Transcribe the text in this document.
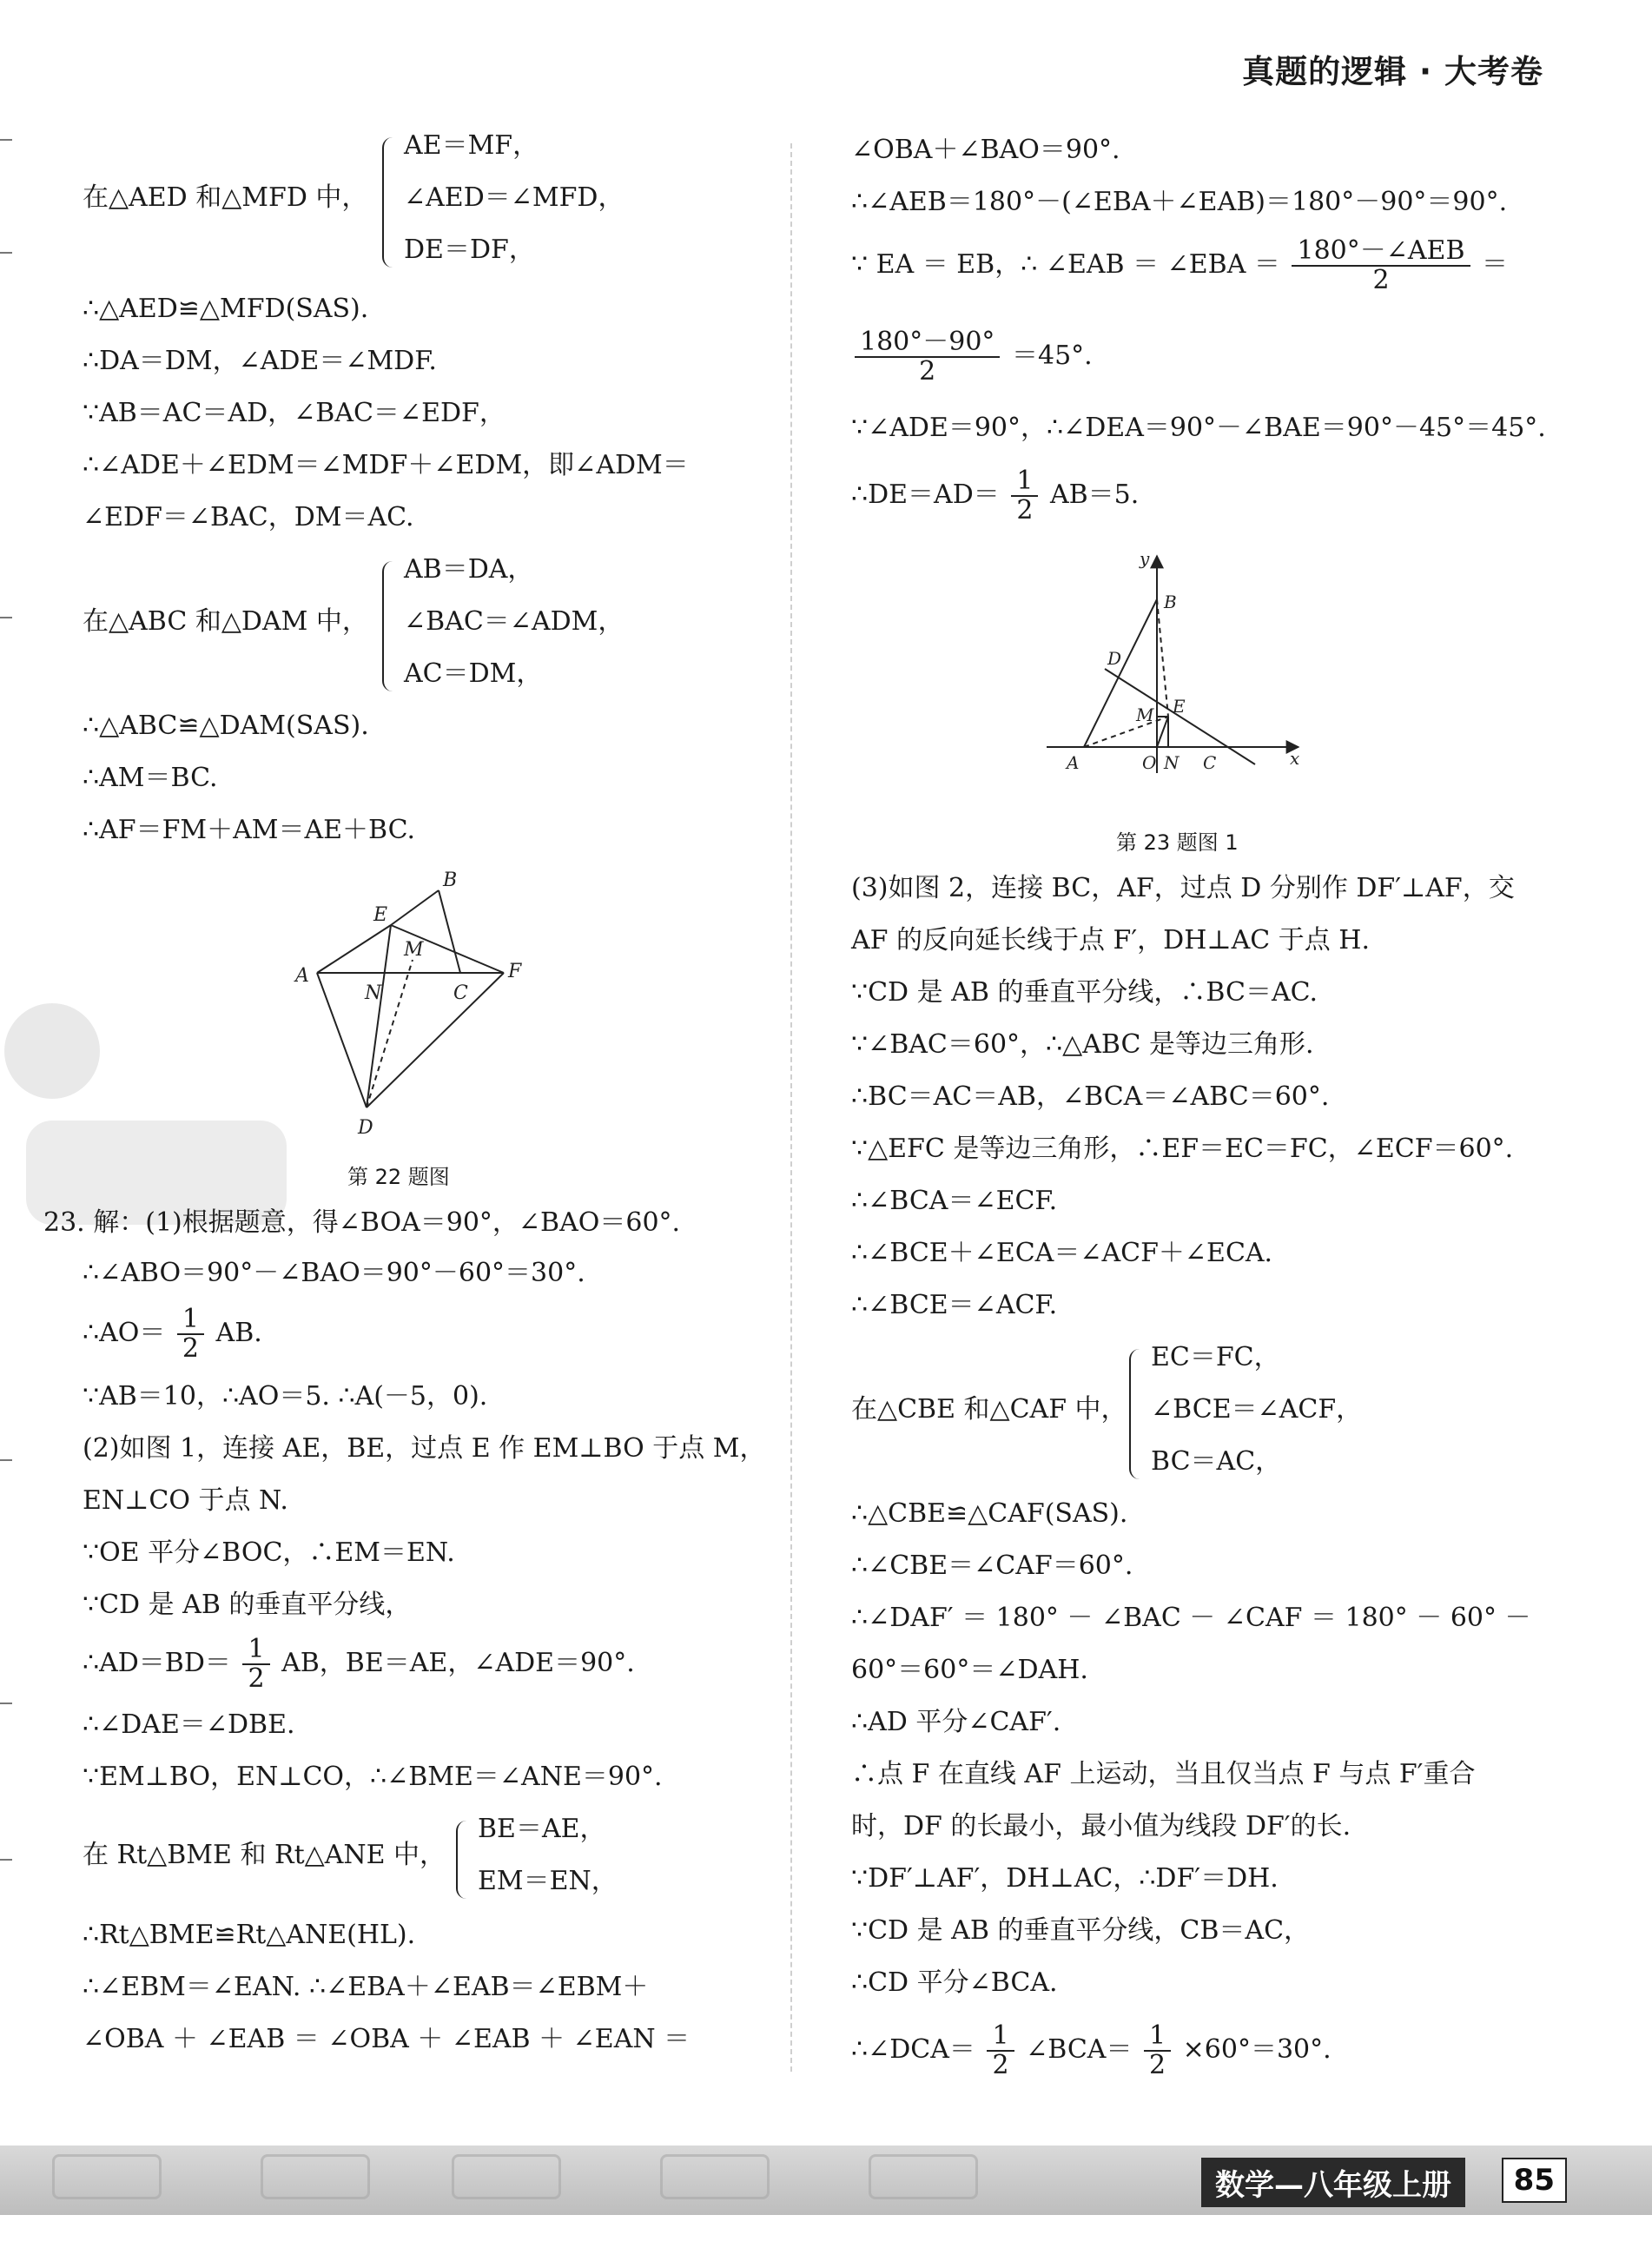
真题的逻辑 · 大考卷
在△AED 和△MFD 中，
AE＝MF，
∠AED＝∠MFD，
DE＝DF，
∴△AED≌△MFD(SAS).
∴DA＝DM，∠ADE＝∠MDF.
∵AB＝AC＝AD，∠BAC＝∠EDF，
∴∠ADE＋∠EDM＝∠MDF＋∠EDM，即∠ADM＝
∠EDF＝∠BAC，DM＝AC.
在△ABC 和△DAM 中，
AB＝DA，
∠BAC＝∠ADM，
AC＝DM，
∴△ABC≌△DAM(SAS).
∴AM＝BC.
∴AF＝FM＋AM＝AE＋BC.
A
B
C
D
E
F
M
N
第 22 题图
23. 解：(1)根据题意，得∠BOA＝90°，∠BAO＝60°.
∴∠ABO＝90°－∠BAO＝90°－60°＝30°.
∴AO＝ $\frac{1}{2}$ AB.
∵AB＝10，∴AO＝5. ∴A(－5，0).
(2)如图 1，连接 AE，BE，过点 E 作 EM⊥BO 于点 M，
EN⊥CO 于点 N.
∵OE 平分∠BOC，∴EM＝EN.
∵CD 是 AB 的垂直平分线，
∴AD＝BD＝ $\frac{1}{2}$ AB，BE＝AE，∠ADE＝90°.
∴∠DAE＝∠DBE.
∵EM⊥BO，EN⊥CO，∴∠BME＝∠ANE＝90°.
在 Rt△BME 和 Rt△ANE 中，
BE＝AE，
EM＝EN，
∴Rt△BME≌Rt△ANE(HL).
∴∠EBM＝∠EAN. ∴∠EBA＋∠EAB＝∠EBM＋
∠OBA ＋ ∠EAB ＝ ∠OBA ＋ ∠EAB ＋ ∠EAN ＝
∠OBA＋∠BAO＝90°.
∴∠AEB＝180°－(∠EBA＋∠EAB)＝180°－90°＝90°.
∵ EA ＝ EB，∴ ∠EAB ＝ ∠EBA ＝ $\frac{\text{180°－∠AEB}}{2}$ ＝
$\frac{180^\circ-90^\circ}{2} =45^\circ$.
∵∠ADE＝90°，∴∠DEA＝90°－∠BAE＝90°－45°＝45°.
∴DE＝AD＝ $\frac{1}{2} AB=5$.
y
x
B
D
M E
A	O N C
第 23 题图 1
(3)如图 2，连接 BC，AF，过点 D 分别作 DF′⊥AF，交
AF 的反向延长线于点 F′，DH⊥AC 于点 H.
∵CD 是 AB 的垂直平分线，∴BC＝AC.
∵∠BAC＝60°，∴△ABC 是等边三角形.
∴BC＝AC＝AB，∠BCA＝∠ABC＝60°.
∵△EFC 是等边三角形，∴EF＝EC＝FC，∠ECF＝60°.
∴∠BCA＝∠ECF.
∴∠BCE＋∠ECA＝∠ACF＋∠ECA.
∴∠BCE＝∠ACF.
在△CBE 和△CAF 中，
EC＝FC，
∠BCE＝∠ACF，
BC＝AC，
∴△CBE≌△CAF(SAS).
∴∠CBE＝∠CAF＝60°.
∴∠DAF′ ＝ 180° － ∠BAC － ∠CAF ＝ 180° － 60° －
60°＝60°＝∠DAH.
∴AD 平分∠CAF′.
∴点 F 在直线 AF 上运动，当且仅当点 F 与点 F′重合
时，DF 的长最小，最小值为线段 DF′的长.
∵DF′⊥AF′，DH⊥AC，∴DF′＝DH.
∵CD 是 AB 的垂直平分线，CB＝AC，
∴CD 平分∠BCA.
∴∠DCA＝ $\frac{1}{2}$ ∠BCA＝ $\frac{1}{2} \times 60^\circ=30^\circ$.
数学—八年级上册	85
